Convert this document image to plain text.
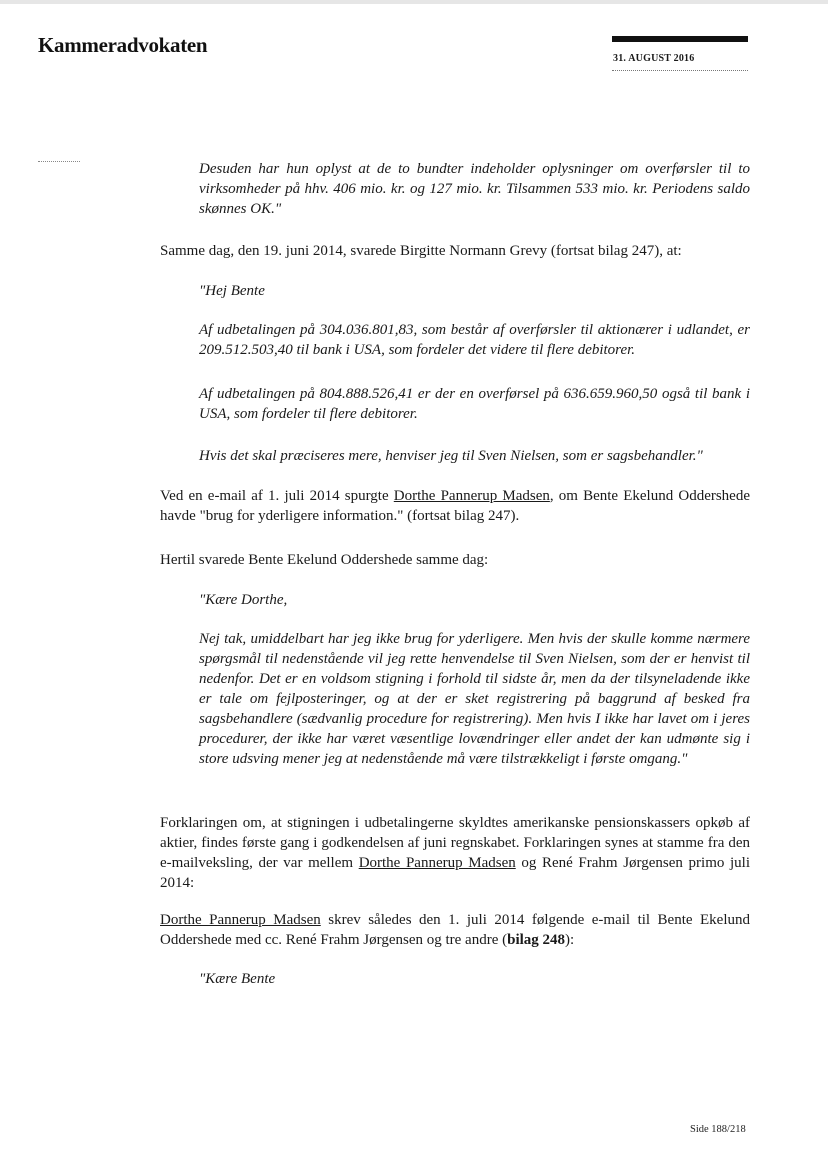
Kammeradvokaten
31. AUGUST 2016

Desuden har hun oplyst at de to bundter indeholder oplysninger om overførsler til to virksomheder på hhv. 406 mio. kr. og 127 mio. kr. Tilsammen 533 mio. kr. Periodens saldo skønnes OK."

Samme dag, den 19. juni 2014, svarede Birgitte Normann Grevy (fortsat bilag 247), at:

"Hej Bente

Af udbetalingen på 304.036.801,83, som består af overførsler til aktionærer i udlandet, er 209.512.503,40 til bank i USA, som fordeler det videre til flere debitorer.

Af udbetalingen på 804.888.526,41 er der en overførsel på 636.659.960,50 også til bank i USA, som fordeler til flere debitorer.

Hvis det skal præciseres mere, henviser jeg til Sven Nielsen, som er sagsbehandler."

Ved en e-mail af 1. juli 2014 spurgte Dorthe Pannerup Madsen, om Bente Ekelund Oddershede havde "brug for yderligere information." (fortsat bilag 247).

Hertil svarede Bente Ekelund Oddershede samme dag:

"Kære Dorthe,

Nej tak, umiddelbart har jeg ikke brug for yderligere. Men hvis der skulle komme nærmere spørgsmål til nedenstående vil jeg rette henvendelse til Sven Nielsen, som der er henvist til nedenfor. Det er en voldsom stigning i forhold til sidste år, men da der tilsyneladende ikke er tale om fejlposteringer, og at der er sket registrering på baggrund af besked fra sagsbehandlere (sædvanlig procedure for registrering). Men hvis I ikke har lavet om i jeres procedurer, der ikke har været væsentlige lovændringer eller andet der kan udmønte sig i store udsving mener jeg at nedenstående må være tilstrækkeligt i første omgang."

Forklaringen om, at stigningen i udbetalingerne skyldtes amerikanske pensionskassers opkøb af aktier, findes første gang i godkendelsen af juni regnskabet. Forklaringen synes at stamme fra den e-mailveksling, der var mellem Dorthe Pannerup Madsen og René Frahm Jørgensen primo juli 2014:

Dorthe Pannerup Madsen skrev således den 1. juli 2014 følgende e-mail til Bente Ekelund Oddershede med cc. René Frahm Jørgensen og tre andre (bilag 248):

"Kære Bente

Side 188/218
